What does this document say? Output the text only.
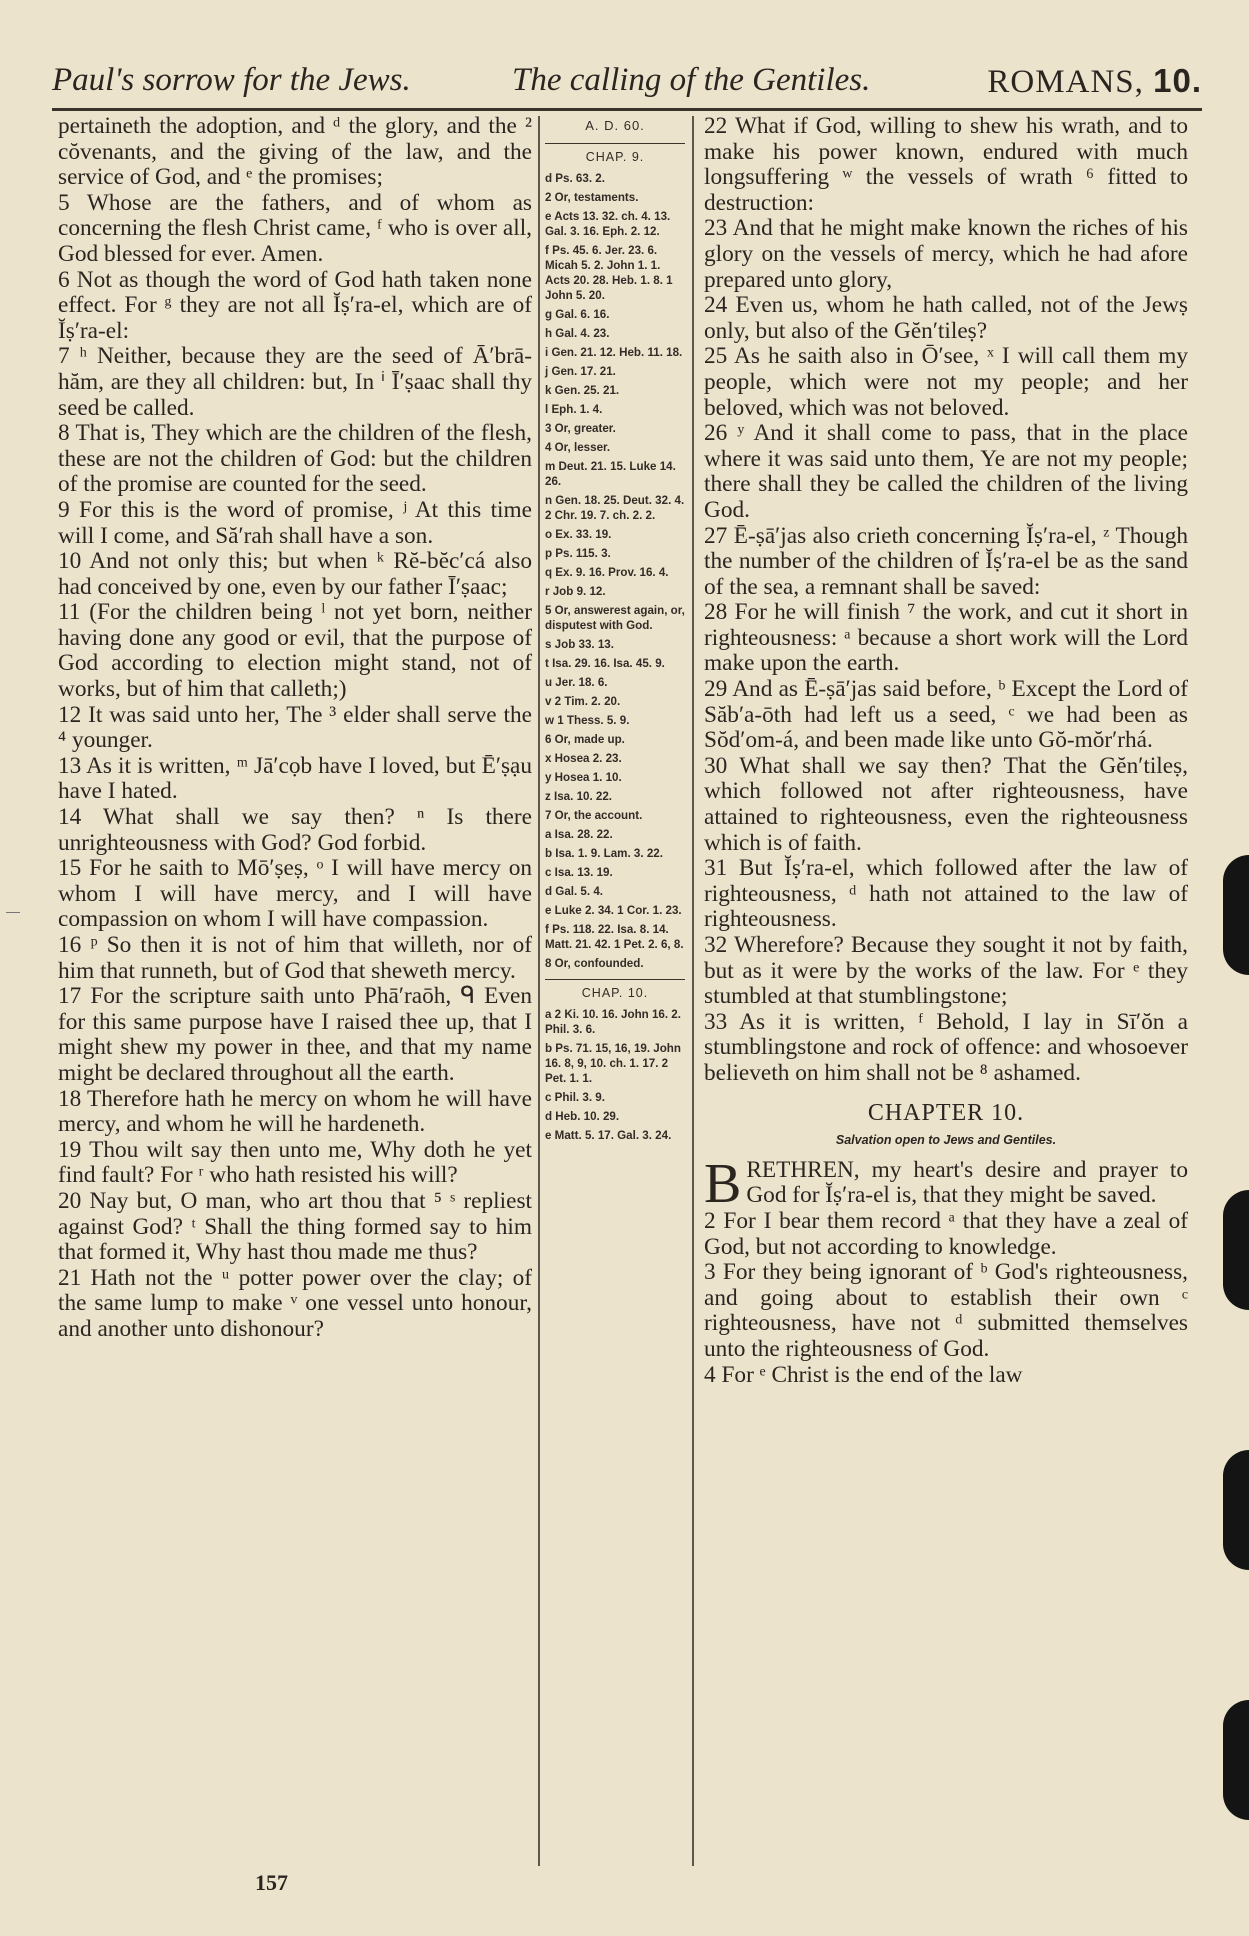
Paul's sorrow for the Jews.	The calling of the Gentiles.	ROMANS, 10.

pertaineth the adoption, and ᵈ the glory, and the ² cŏvenants, and the giving of the law, and the service of God, and ᵉ the promises;

5 Whose are the fathers, and of whom as concerning the flesh Christ came, ᶠ who is over all, God blessed for ever. Amen.

6 Not as though the word of God hath taken none effect. For ᵍ they are not all Ĭṣ′ra-el, which are of Ĭṣ′ra-el:

7 ʰ Neither, because they are the seed of Ā′brā-hăm, are they all children: but, In ⁱ Ī′ṣaac shall thy seed be called.

8 That is, They which are the children of the flesh, these are not the children of God: but the children of the promise are counted for the seed.

9 For this is the word of promise, ʲ At this time will I come, and Să′rah shall have a son.

10 And not only this; but when ᵏ Rĕ-bĕc′cá also had conceived by one, even by our father Ī′ṣaac;

11 (For the children being ˡ not yet born, neither having done any good or evil, that the purpose of God according to election might stand, not of works, but of him that calleth;)

12 It was said unto her, The ³ elder shall serve the ⁴ younger.

13 As it is written, ᵐ Jā′cọb have I loved, but Ē′ṣạu have I hated.

14 What shall we say then? ⁿ Is there unrighteousness with God? God forbid.

15 For he saith to Mō′ṣeṣ, ᵒ I will have mercy on whom I will have mercy, and I will have compassion on whom I will have compassion.

16 ᵖ So then it is not of him that willeth, nor of him that runneth, but of God that sheweth mercy.

17 For the scripture saith unto Phā′raōh, ᑫ Even for this same purpose have I raised thee up, that I might shew my power in thee, and that my name might be declared throughout all the earth.

18 Therefore hath he mercy on whom he will have mercy, and whom he will he hardeneth.

19 Thou wilt say then unto me, Why doth he yet find fault? For ʳ who hath resisted his will?

20 Nay but, O man, who art thou that ⁵ ˢ repliest against God? ᵗ Shall the thing formed say to him that formed it, Why hast thou made me thus?

21 Hath not the ᵘ potter power over the clay; of the same lump to make ᵛ one vessel unto honour, and another unto dishonour?

A. D. 60.
CHAP. 9.
d Ps. 63. 2.
2 Or, testaments.
e Acts 13. 32. ch. 4. 13. Gal. 3. 16. Eph. 2. 12.
f Ps. 45. 6. Jer. 23. 6. Micah 5. 2. John 1. 1. Acts 20. 28. Heb. 1. 8. 1 John 5. 20.
g Gal. 6. 16.
h Gal. 4. 23.
i Gen. 21. 12. Heb. 11. 18.
j Gen. 17. 21.
k Gen. 25. 21.
l Eph. 1. 4.
3 Or, greater.
4 Or, lesser.
m Deut. 21. 15. Luke 14. 26.
n Gen. 18. 25. Deut. 32. 4. 2 Chr. 19. 7. ch. 2. 2.
o Ex. 33. 19.
p Ps. 115. 3.
q Ex. 9. 16. Prov. 16. 4.
r Job 9. 12.
5 Or, answerest again, or, disputest with God.
s Job 33. 13.
t Isa. 29. 16. Isa. 45. 9.
u Jer. 18. 6.
v 2 Tim. 2. 20.
w 1 Thess. 5. 9.
6 Or, made up.
x Hosea 2. 23.
y Hosea 1. 10.
z Isa. 10. 22.
7 Or, the account.
a Isa. 28. 22.
b Isa. 1. 9. Lam. 3. 22.
c Isa. 13. 19.
d Gal. 5. 4.
e Luke 2. 34. 1 Cor. 1. 23.
f Ps. 118. 22. Isa. 8. 14. Matt. 21. 42. 1 Pet. 2. 6, 8.
8 Or, confounded.
CHAP. 10.
a 2 Ki. 10. 16. John 16. 2. Phil. 3. 6.
b Ps. 71. 15, 16, 19. John 16. 8, 9, 10. ch. 1. 17. 2 Pet. 1. 1.
c Phil. 3. 9.
d Heb. 10. 29.
e Matt. 5. 17. Gal. 3. 24.

22 What if God, willing to shew his wrath, and to make his power known, endured with much longsuffering ʷ the vessels of wrath ⁶ fitted to destruction:

23 And that he might make known the riches of his glory on the vessels of mercy, which he had afore prepared unto glory,

24 Even us, whom he hath called, not of the Jewṣ only, but also of the Gĕn′tileṣ?

25 As he saith also in Ō′see, ˣ I will call them my people, which were not my people; and her beloved, which was not beloved.

26 ʸ And it shall come to pass, that in the place where it was said unto them, Ye are not my people; there shall they be called the children of the living God.

27 Ē-ṣā′jas also crieth concerning Ĭṣ′ra-el, ᶻ Though the number of the children of Ĭṣ′ra-el be as the sand of the sea, a remnant shall be saved:

28 For he will finish ⁷ the work, and cut it short in righteousness: ᵃ because a short work will the Lord make upon the earth.

29 And as Ē-ṣā′jas said before, ᵇ Except the Lord of Săb′a-ōth had left us a seed, ᶜ we had been as Sŏd′om-á, and been made like unto Gŏ-mŏr′rhá.

30 What shall we say then? That the Gĕn′tileṣ, which followed not after righteousness, have attained to righteousness, even the righteousness which is of faith.

31 But Ĭṣ′ra-el, which followed after the law of righteousness, ᵈ hath not attained to the law of righteousness.

32 Wherefore? Because they sought it not by faith, but as it were by the works of the law. For ᵉ they stumbled at that stumblingstone;

33 As it is written, ᶠ Behold, I lay in Sī′ŏn a stumblingstone and rock of offence: and whosoever believeth on him shall not be ⁸ ashamed.

CHAPTER 10.
Salvation open to Jews and Gentiles.

BRETHREN, my heart's desire and prayer to God for Ĭṣ′ra-el is, that they might be saved.

2 For I bear them record ᵃ that they have a zeal of God, but not according to knowledge.

3 For they being ignorant of ᵇ God's righteousness, and going about to establish their own ᶜ righteousness, have not ᵈ submitted themselves unto the righteousness of God.

4 For ᵉ Christ is the end of the law

157
